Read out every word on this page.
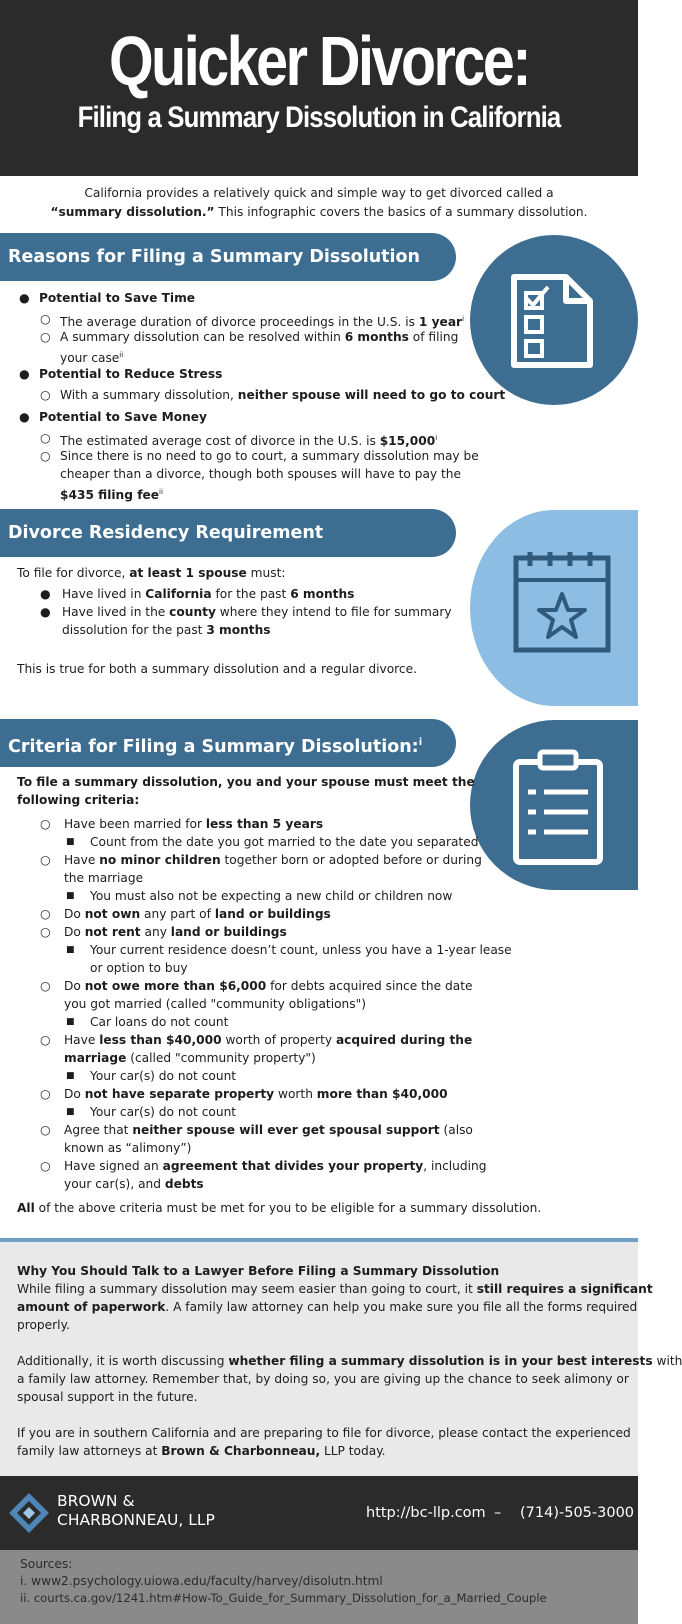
Quicker Divorce:
Filing a Summary Dissolution in California
California provides a relatively quick and simple way to get divorced called a
“summary dissolution.” This infographic covers the basics of a summary dissolution.
Reasons for Filing a Summary Dissolution
● Potential to Save Time
○ The average duration of divorce proceedings in the U.S. is 1 year$^i$
○ A summary dissolution can be resolved within 6 months of filing
your case$^{ii}$
● Potential to Reduce Stress
○ With a summary dissolution, neither spouse will need to go to court
● Potential to Save Money
○ The estimated average cost of divorce in the U.S. is $15,000$^i$
○ Since there is no need to go to court, a summary dissolution may be
cheaper than a divorce, though both spouses will have to pay the
$435 filing fee$^{ii}$
Divorce Residency Requirement
To file for divorce, at least 1 spouse must:
● Have lived in California for the past 6 months
● Have lived in the county where they intend to file for summary
dissolution for the past 3 months
This is true for both a summary dissolution and a regular divorce.
Criteria for Filing a Summary Dissolution:$^i$
To file a summary dissolution, you and your spouse must meet the
following criteria:
○ Have been married for less than 5 years
■ Count from the date you got married to the date you separated
○ Have no minor children together born or adopted before or during
the marriage
■ You must also not be expecting a new child or children now
○ Do not own any part of land or buildings
○ Do not rent any land or buildings
■ Your current residence doesn’t count, unless you have a 1-year lease
or option to buy
○ Do not owe more than $6,000 for debts acquired since the date
you got married (called "community obligations")
■ Car loans do not count
○ Have less than $40,000 worth of property acquired during the
marriage (called "community property")
■ Your car(s) do not count
○ Do not have separate property worth more than $40,000
■ Your car(s) do not count
○ Agree that neither spouse will ever get spousal support (also
known as “alimony”)
○ Have signed an agreement that divides your property, including
your car(s), and debts
All of the above criteria must be met for you to be eligible for a summary dissolution.
Why You Should Talk to a Lawyer Before Filing a Summary Dissolution
While filing a summary dissolution may seem easier than going to court, it still requires a significant
amount of paperwork. A family law attorney can help you make sure you file all the forms required
properly.
Additionally, it is worth discussing whether filing a summary dissolution is in your best interests with
a family law attorney. Remember that, by doing so, you are giving up the chance to seek alimony or
spousal support in the future.
If you are in southern California and are preparing to file for divorce, please contact the experienced
family law attorneys at Brown & Charbonneau, LLP today.
BROWN &
CHARBONNEAU, LLP	http://bc-llp.com – (714)-505-3000
Sources:
i. www2.psychology.uiowa.edu/faculty/harvey/disolutn.html
ii. courts.ca.gov/1241.htm#How-To_Guide_for_Summary_Dissolution_for_a_Married_Couple
